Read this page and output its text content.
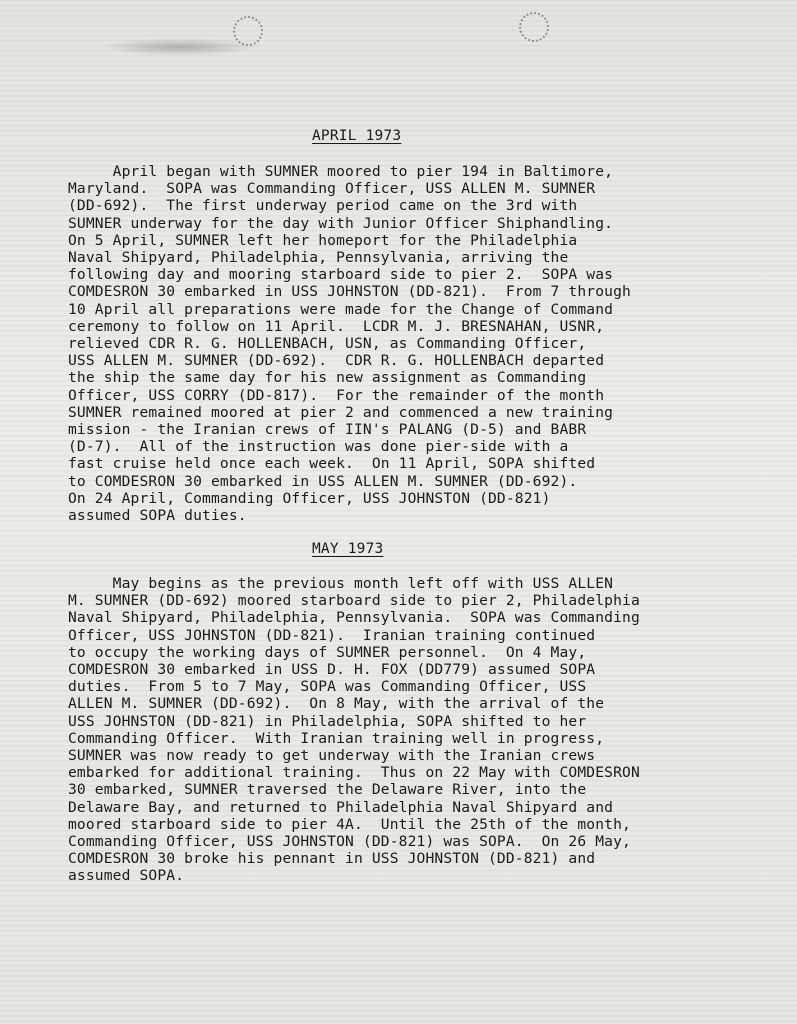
APRIL 1973

April began with SUMNER moored to pier 194 in Baltimore,
Maryland.  SOPA was Commanding Officer, USS ALLEN M. SUMNER
(DD-692).  The first underway period came on the 3rd with
SUMNER underway for the day with Junior Officer Shiphandling.
On 5 April, SUMNER left her homeport for the Philadelphia
Naval Shipyard, Philadelphia, Pennsylvania, arriving the
following day and mooring starboard side to pier 2.  SOPA was
COMDESRON 30 embarked in USS JOHNSTON (DD-821).  From 7 through
10 April all preparations were made for the Change of Command
ceremony to follow on 11 April.  LCDR M. J. BRESNAHAN, USNR,
relieved CDR R. G. HOLLENBACH, USN, as Commanding Officer,
USS ALLEN M. SUMNER (DD-692).  CDR R. G. HOLLENBACH departed
the ship the same day for his new assignment as Commanding
Officer, USS CORRY (DD-817).  For the remainder of the month
SUMNER remained moored at pier 2 and commenced a new training
mission - the Iranian crews of IIN's PALANG (D-5) and BABR
(D-7).  All of the instruction was done pier-side with a
fast cruise held once each week.  On 11 April, SOPA shifted
to COMDESRON 30 embarked in USS ALLEN M. SUMNER (DD-692).
On 24 April, Commanding Officer, USS JOHNSTON (DD-821)
assumed SOPA duties.

MAY 1973

May begins as the previous month left off with USS ALLEN
M. SUMNER (DD-692) moored starboard side to pier 2, Philadelphia
Naval Shipyard, Philadelphia, Pennsylvania.  SOPA was Commanding
Officer, USS JOHNSTON (DD-821).  Iranian training continued
to occupy the working days of SUMNER personnel.  On 4 May,
COMDESRON 30 embarked in USS D. H. FOX (DD779) assumed SOPA
duties.  From 5 to 7 May, SOPA was Commanding Officer, USS
ALLEN M. SUMNER (DD-692).  On 8 May, with the arrival of the
USS JOHNSTON (DD-821) in Philadelphia, SOPA shifted to her
Commanding Officer.  With Iranian training well in progress,
SUMNER was now ready to get underway with the Iranian crews
embarked for additional training.  Thus on 22 May with COMDESRON
30 embarked, SUMNER traversed the Delaware River, into the
Delaware Bay, and returned to Philadelphia Naval Shipyard and
moored starboard side to pier 4A.  Until the 25th of the month,
Commanding Officer, USS JOHNSTON (DD-821) was SOPA.  On 26 May,
COMDESRON 30 broke his pennant in USS JOHNSTON (DD-821) and
assumed SOPA.
